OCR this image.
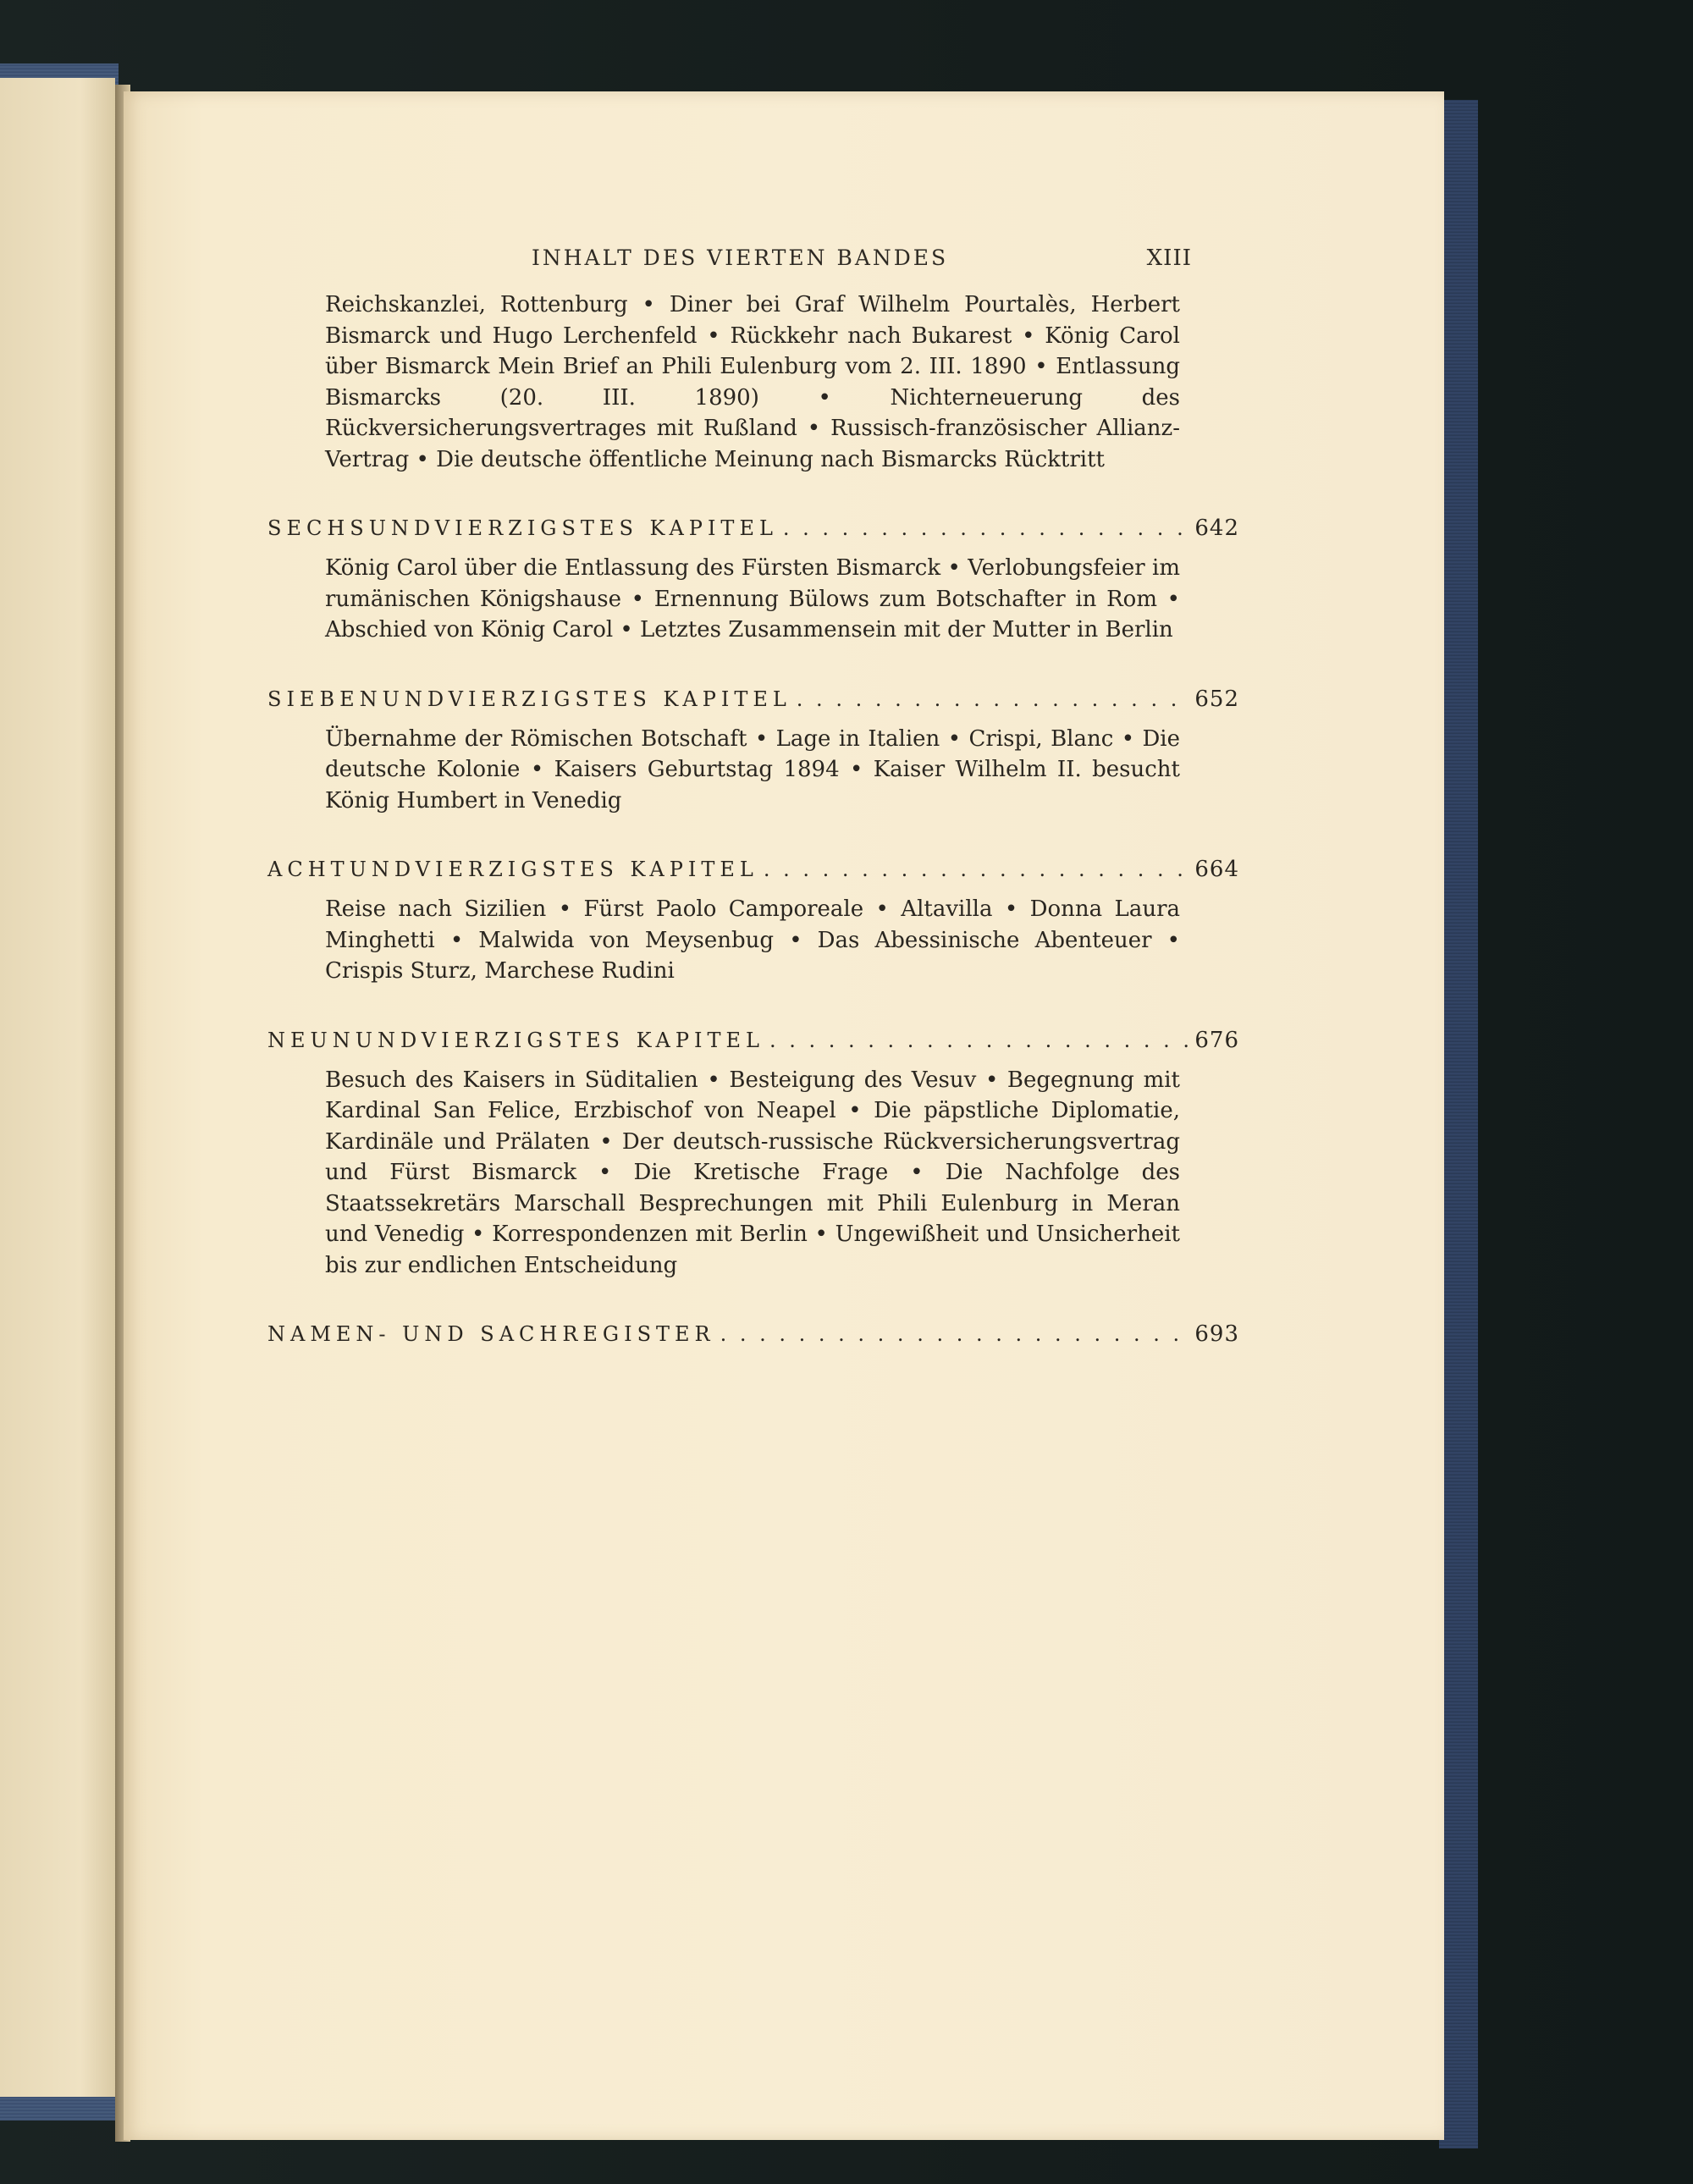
INHALT DES VIERTEN BANDES	XIII
Reichskanzlei, Rottenburg • Diner bei Graf Wilhelm Pourtalès, Herbert Bismarck und Hugo Lerchenfeld • Rückkehr nach Bukarest • König Carol über Bismarck Mein Brief an Phili Eulenburg vom 2. III. 1890 • Entlassung Bismarcks (20. III. 1890) • Nichterneuerung des Rückversicherungsvertrages mit Rußland • Russisch-französischer Allianz-Vertrag • Die deutsche öffentliche Meinung nach Bismarcks Rücktritt
SECHSUNDVIERZIGSTES KAPITEL . . .	642
König Carol über die Entlassung des Fürsten Bismarck • Verlobungsfeier im rumänischen Königshause • Ernennung Bülows zum Botschafter in Rom • Abschied von König Carol • Letztes Zusammensein mit der Mutter in Berlin
SIEBENUNDVIERZIGSTES KAPITEL . . .	652
Übernahme der Römischen Botschaft • Lage in Italien • Crispi, Blanc • Die deutsche Kolonie • Kaisers Geburtstag 1894 • Kaiser Wilhelm II. besucht König Humbert in Venedig
ACHTUNDVIERZIGSTES KAPITEL . . .	664
Reise nach Sizilien • Fürst Paolo Camporeale • Altavilla • Donna Laura Minghetti • Malwida von Meysenbug • Das Abessinische Abenteuer • Crispis Sturz, Marchese Rudini
NEUNUNDVIERZIGSTES KAPITEL . . .	676
Besuch des Kaisers in Süditalien • Besteigung des Vesuv • Begegnung mit Kardinal San Felice, Erzbischof von Neapel • Die päpstliche Diplomatie, Kardinäle und Prälaten • Der deutsch-russische Rückversicherungsvertrag und Fürst Bismarck • Die Kretische Frage • Die Nachfolge des Staatssekretärs Marschall Besprechungen mit Phili Eulenburg in Meran und Venedig • Korrespondenzen mit Berlin • Ungewißheit und Unsicherheit bis zur endlichen Entscheidung
NAMEN- UND SACHREGISTER . . .	693
